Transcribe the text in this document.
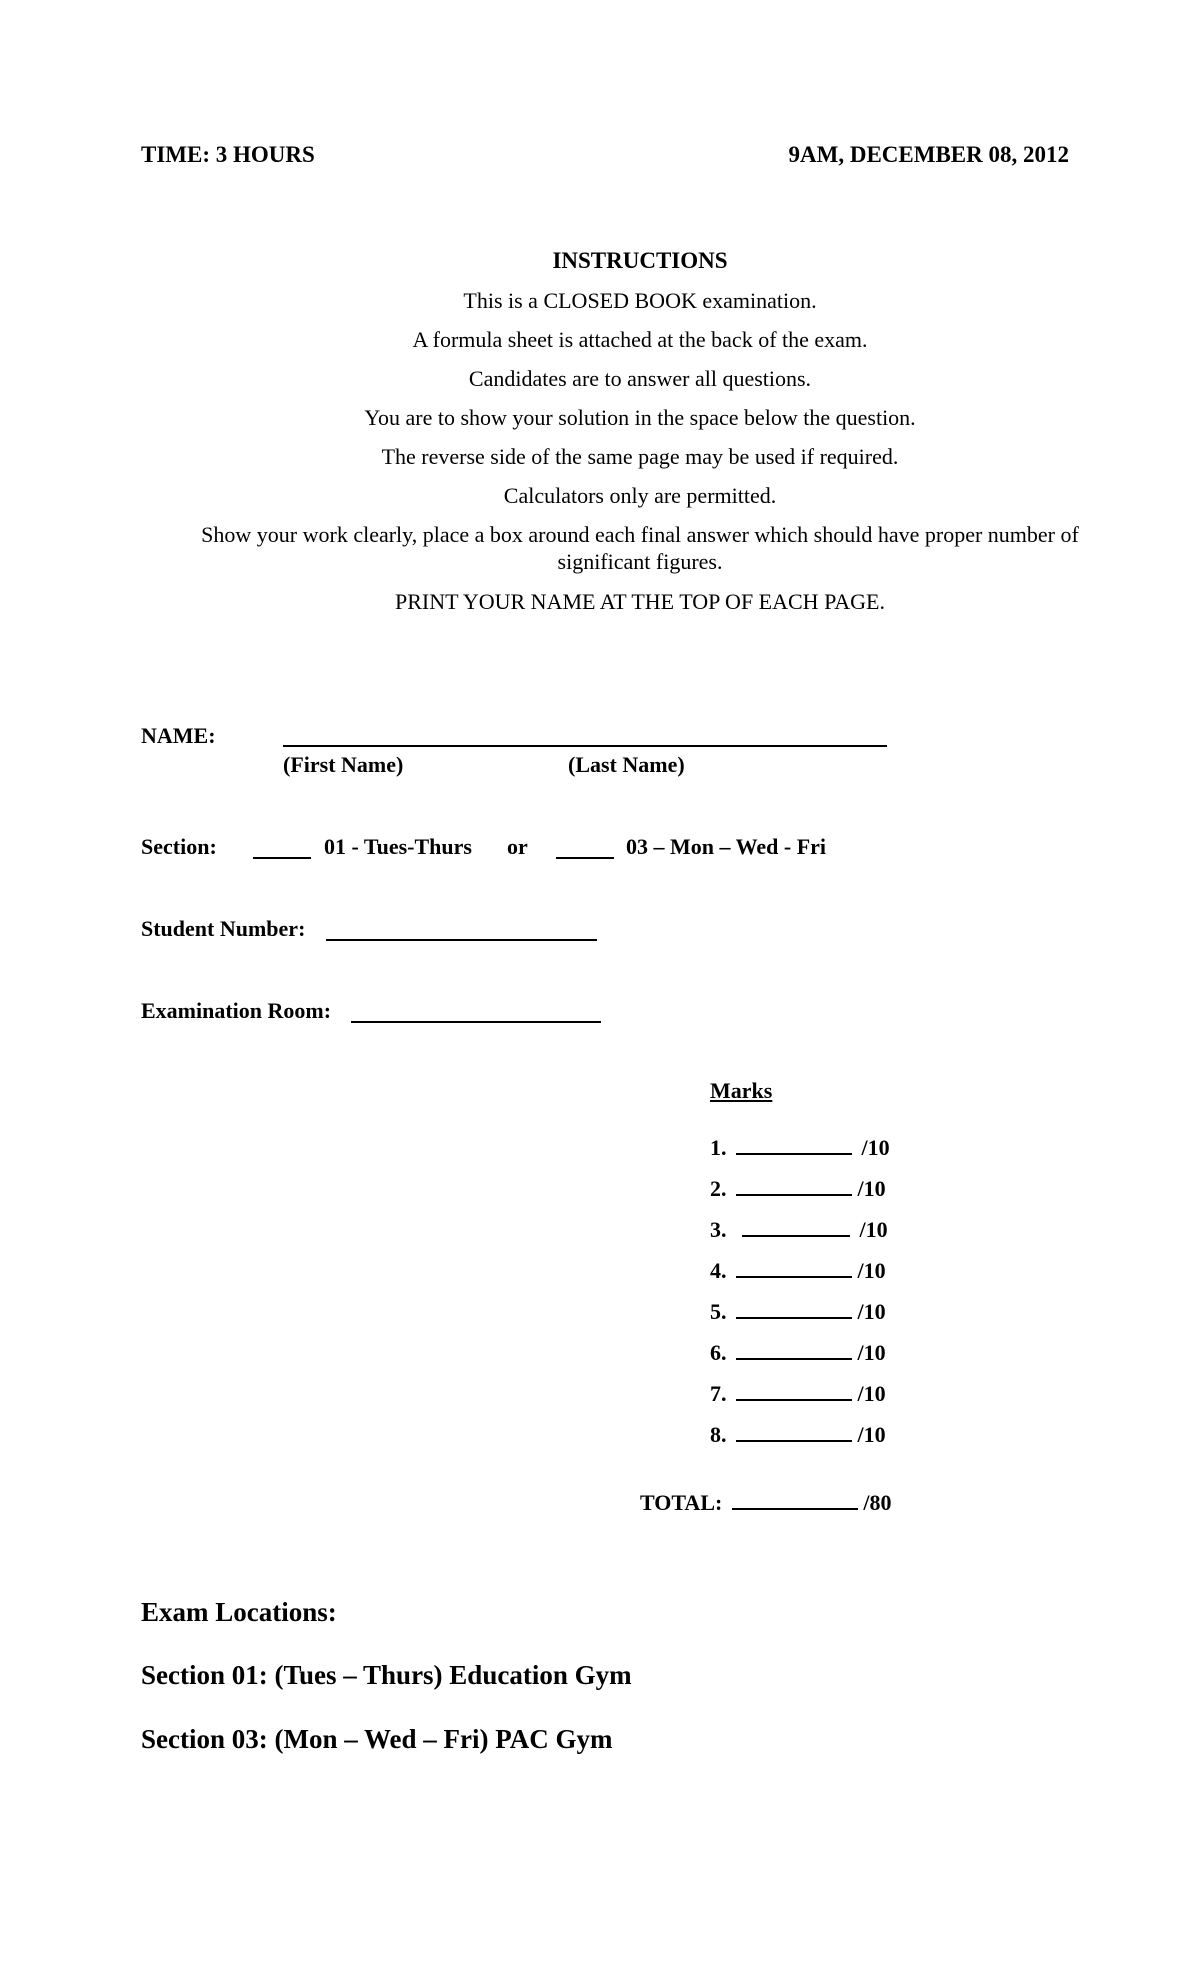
TIME: 3 HOURS	9AM, DECEMBER 08, 2012
INSTRUCTIONS
This is a CLOSED BOOK examination.
A formula sheet is attached at the back of the exam.
Candidates are to answer all questions.
You are to show your solution in the space below the question.
The reverse side of the same page may be used if required.
Calculators only are permitted.
Show your work clearly, place a box around each final answer which should have proper number of significant figures.
PRINT YOUR NAME AT THE TOP OF EACH PAGE.
NAME:
(First Name)	(Last Name)
Section:	01 - Tues-Thurs or	03 – Mon – Wed - Fri
Student Number:
Examination Room:
Marks
1.	/10
2.	/10
3.	/10
4.	/10
5.	/10
6.	/10
7.	/10
8.	/10
TOTAL:	/80
Exam Locations:
Section 01: (Tues – Thurs) Education Gym
Section 03: (Mon – Wed – Fri) PAC Gym
